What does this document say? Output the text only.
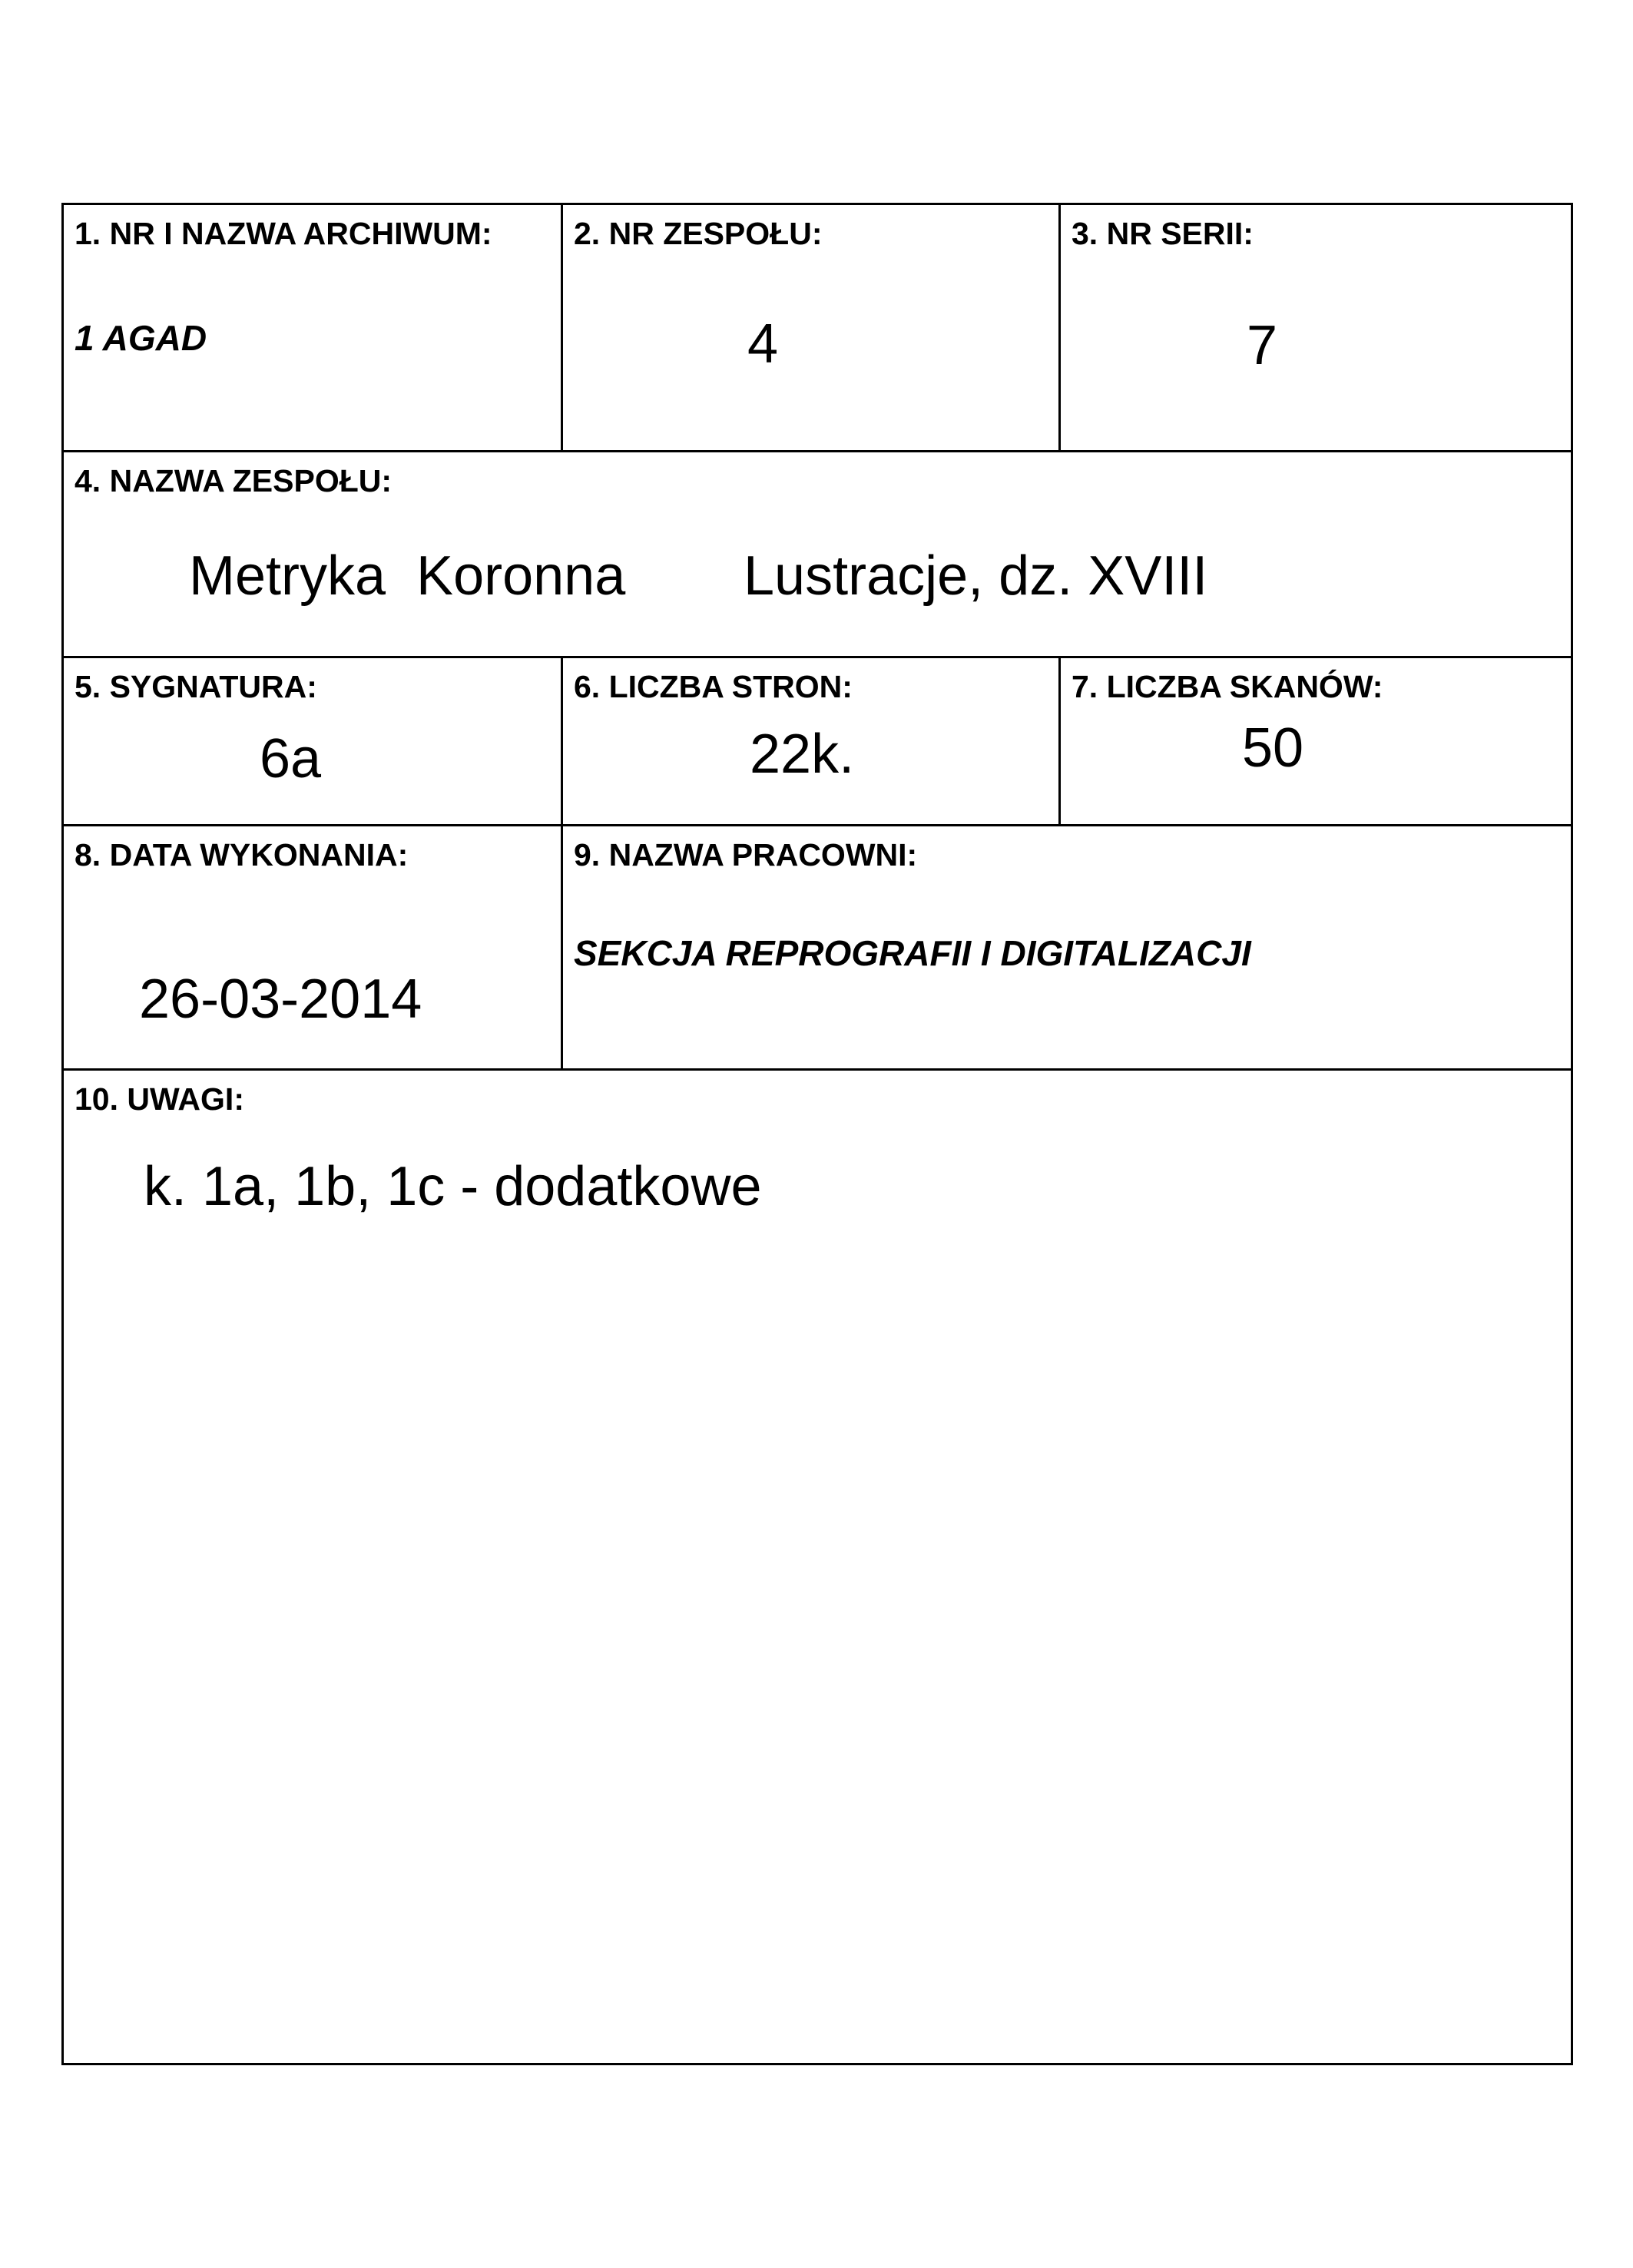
1. NR I NAZWA ARCHIWUM:
1 AGAD
2. NR ZESPOŁU:
4
3. NR SERII:
7
4. NAZWA ZESPOŁU:
Metryka  Koronna Lustracje, dz. XVIII
5. SYGNATURA:
6a
6. LICZBA STRON:
22k.
7. LICZBA SKANÓW:
50
8. DATA WYKONANIA:
26-03-2014
9. NAZWA PRACOWNI:
SEKCJA REPROGRAFII I DIGITALIZACJI
10. UWAGI:
k. 1a, 1b, 1c - dodatkowe
